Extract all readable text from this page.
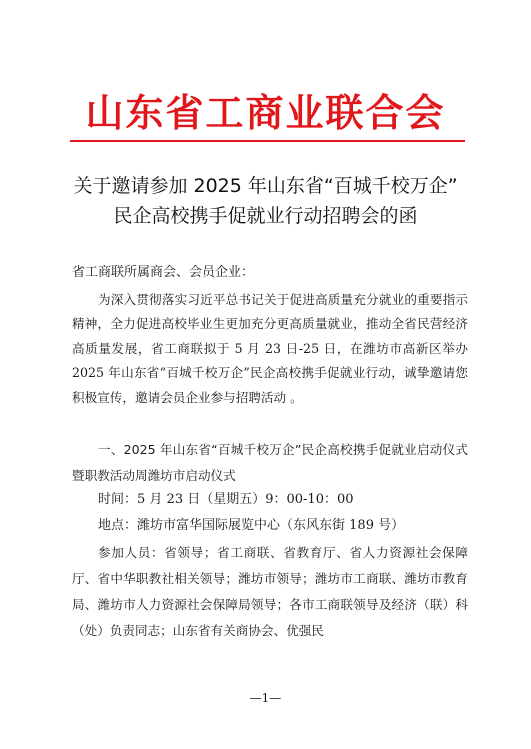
山东省工商业联合会
关于邀请参加 2025 年山东省“百城千校万企”
民企高校携手促就业行动招聘会的函
省工商联所属商会、会员企业：
为深入贯彻落实习近平总书记关于促进高质量充分就业的重要指示精神，全力促进高校毕业生更加充分更高质量就业，推动全省民营经济高质量发展，省工商联拟于 5 月 23 日-25 日，在潍坊市高新区举办 2025 年山东省“百城千校万企”民企高校携手促就业行动，诚挚邀请您积极宣传，邀请会员企业参与招聘活动 。
一、2025 年山东省“百城千校万企”民企高校携手促就业启动仪式暨职教活动周潍坊市启动仪式
时间：5 月 23 日（星期五）9：00-10：00
地点：潍坊市富华国际展览中心（东风东街 189 号）
参加人员：省领导；省工商联、省教育厅、省人力资源社会保障厅、省中华职教社相关领导；潍坊市领导；潍坊市工商联、潍坊市教育局、潍坊市人力资源社会保障局领导；各市工商联领导及经济（联）科（处）负责同志；山东省有关商协会、优强民
—1—
